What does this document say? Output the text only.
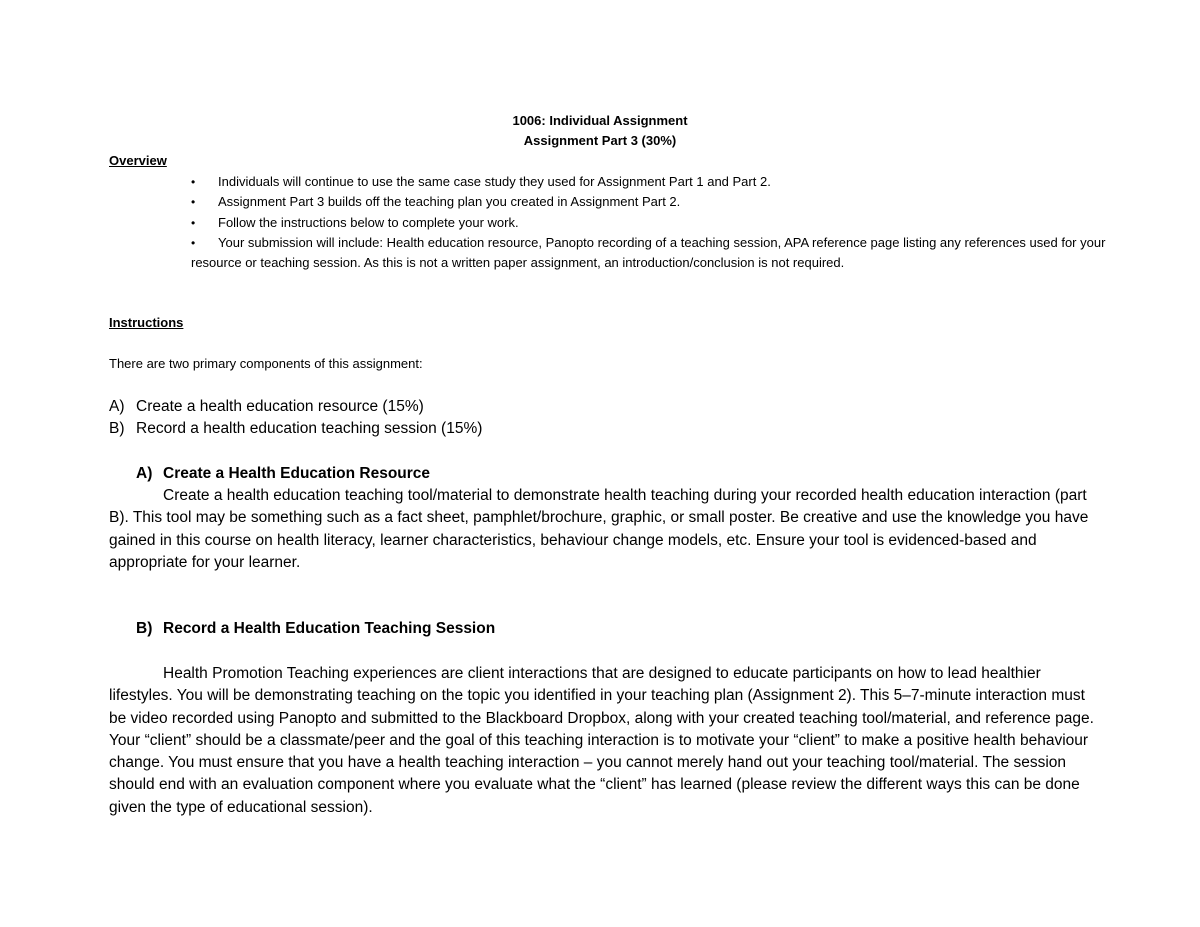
1006: Individual Assignment
Assignment Part 3 (30%)
Overview
•	Individuals will continue to use the same case study they used for Assignment Part 1 and Part 2.
•	Assignment Part 3 builds off the teaching plan you created in Assignment Part 2.
•	Follow the instructions below to complete your work.
• Your submission will include: Health education resource, Panopto recording of a teaching session, APA reference page listing any references used for your resource or teaching session. As this is not a written paper assignment, an introduction/conclusion is not required.
Instructions
There are two primary components of this assignment:
A) Create a health education resource (15%)
B) Record a health education teaching session (15%)
A) Create a Health Education Resource

Create a health education teaching tool/material to demonstrate health teaching during your recorded health education interaction (part B). This tool may be something such as a fact sheet, pamphlet/brochure, graphic, or small poster. Be creative and use the knowledge you have gained in this course on health literacy, learner characteristics, behaviour change models, etc. Ensure your tool is evidenced-based and appropriate for your learner.

B) Record a Health Education Teaching Session

Health Promotion Teaching experiences are client interactions that are designed to educate participants on how to lead healthier lifestyles. You will be demonstrating teaching on the topic you identified in your teaching plan (Assignment 2). This 5–7-minute interaction must be video recorded using Panopto and submitted to the Blackboard Dropbox, along with your created teaching tool/material, and reference page. Your “client” should be a classmate/peer and the goal of this teaching interaction is to motivate your “client” to make a positive health behaviour change. You must ensure that you have a health teaching interaction – you cannot merely hand out your teaching tool/material. The session should end with an evaluation component where you evaluate what the “client” has learned (please review the different ways this can be done given the type of educational session).
